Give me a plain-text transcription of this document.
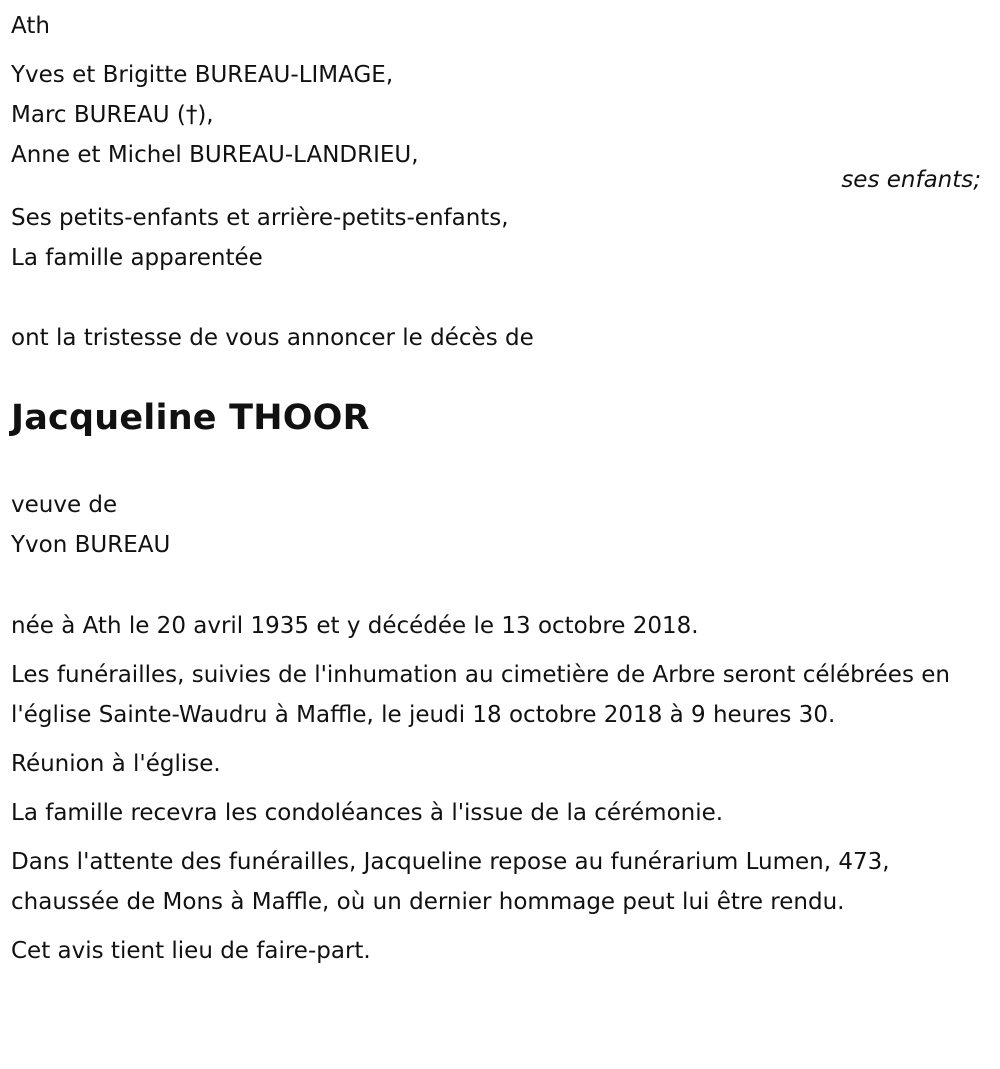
Ath

Yves et Brigitte BUREAU-LIMAGE,

Marc BUREAU (†),

Anne et Michel BUREAU-LANDRIEU,

ses enfants;

Ses petits-enfants et arrière-petits-enfants,

La famille apparentée

ont la tristesse de vous annoncer le décès de

Jacqueline THOOR

veuve de

Yvon BUREAU

née à Ath le 20 avril 1935 et y décédée le 13 octobre 2018.

Les funérailles, suivies de l'inhumation au cimetière de Arbre seront célébrées en l'église Sainte-Waudru à Maffle, le jeudi 18 octobre 2018 à 9 heures 30.

Réunion à l'église.

La famille recevra les condoléances à l'issue de la cérémonie.

Dans l'attente des funérailles, Jacqueline repose au funérarium Lumen, 473, chaussée de Mons à Maffle, où un dernier hommage peut lui être rendu.

Cet avis tient lieu de faire-part.
